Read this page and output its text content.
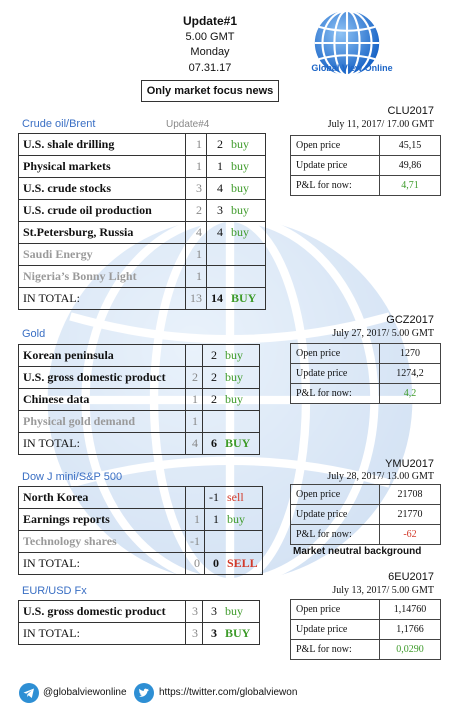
Update#1
5.00 GMT
Monday
07.31.17
Only market focus news
Global View Online
Crude oil/Brent	Update#4
U.S. shale drilling	1	2	buy
Physical markets	1	1	buy
U.S. crude stocks	3	4	buy
U.S. crude oil production	2	3	buy
St.Petersburg, Russia	4	4	buy
Saudi Energy	1		
Nigeria’s Bonny Light	1		
IN TOTAL:	13	14	BUY
CLU2017
July 11, 2017/ 17.00 GMT
Open price	45,15
Update price	49,86
P&L for now:	4,71
Gold
Korean peninsula		2	buy
U.S. gross domestic product	2	2	buy
Chinese data	1	2	buy
Physical gold demand	1		
IN TOTAL:	4	6	BUY
GCZ2017
July 27, 2017/ 5.00 GMT
Open price	1270
Update price	1274,2
P&L for now:	4,2
Dow J mini/S&P 500
North Korea		-1	sell
Earnings reports	1	1	buy
Technology shares	-1		
IN TOTAL:	0	0	SELL
YMU2017
July 28, 2017/ 13.00 GMT
Open price	21708
Update price	21770
P&L for now:	-62
Market neutral background
EUR/USD Fx
U.S. gross domestic product	3	3	buy
IN TOTAL:	3	3	BUY
6EU2017
July 13, 2017/ 5.00 GMT
Open price	1,14760
Update price	1,1766
P&L for now:	0,0290
@globalviewonline	https://twitter.com/globalviewon
